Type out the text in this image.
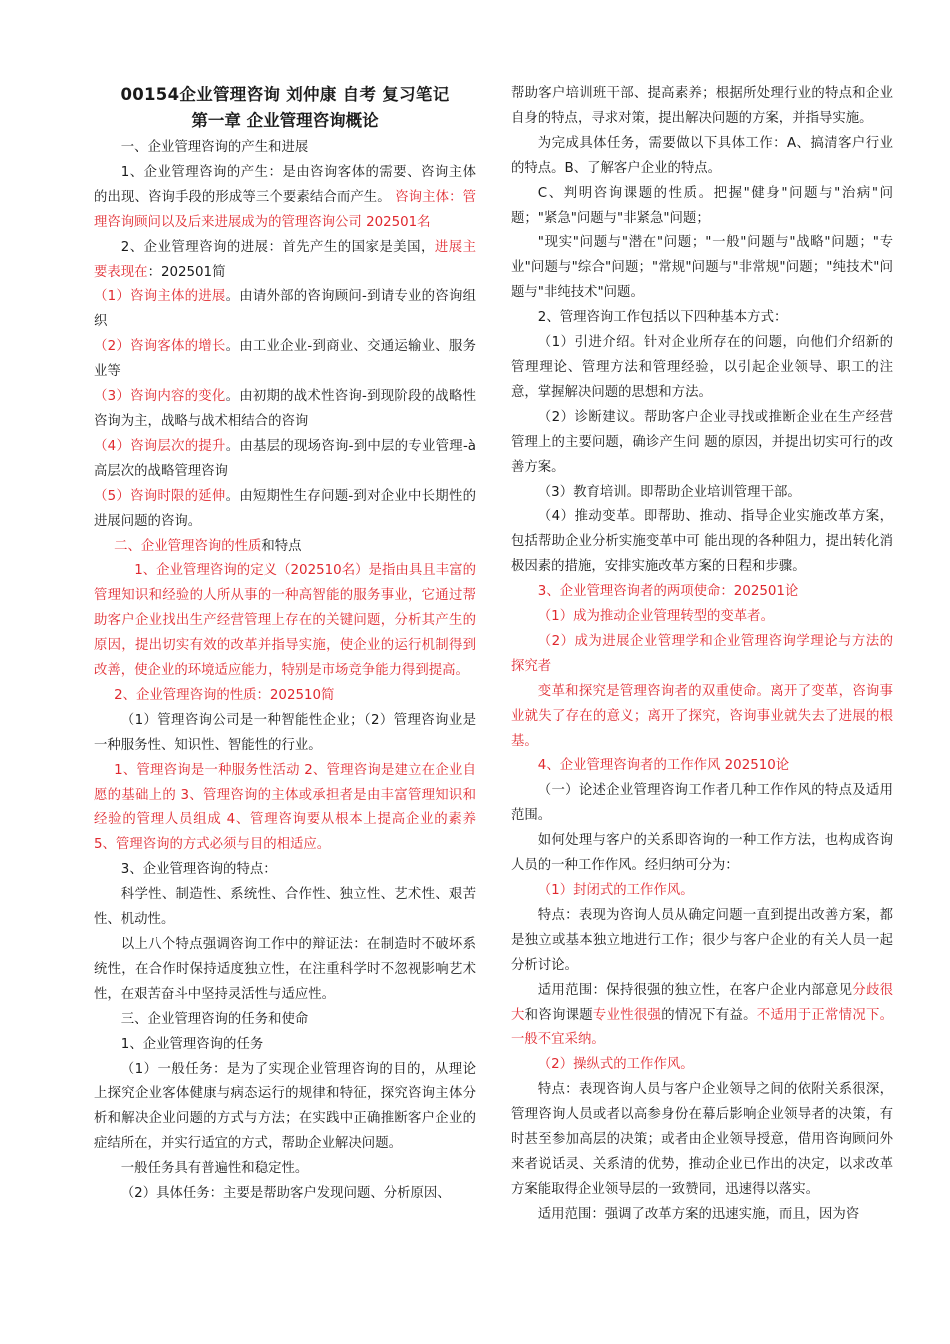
00154企业管理咨询 刘仲康 自考 复习笔记

第一章 企业管理咨询概论

一、企业管理咨询的产生和进展

1、企业管理咨询的产生：是由咨询客体的需要、咨询主体的出现、咨询手段的形成等三个要素结合而产生。 咨询主体：管理咨询顾问以及后来进展成为的管理咨询公司 202501名

2、企业管理咨询的进展：首先产生的国家是美国，进展主要表现在：202501简

（1）咨询主体的进展。由请外部的咨询顾问-到请专业的咨询组织

（2）咨询客体的增长。由工业企业-到商业、交通运输业、服务业等

（3）咨询内容的变化。由初期的战术性咨询-到现阶段的战略性咨询为主，战略与战术相结合的咨询

（4）咨询层次的提升。由基层的现场咨询-到中层的专业管理-à高层次的战略管理咨询

（5）咨询时限的延伸。由短期性生存问题-到对企业中长期性的进展问题的咨询。

二、企业管理咨询的性质和特点

1、企业管理咨询的定义（202510名）是指由具且丰富的管理知识和经验的人所从事的一种高智能的服务事业，它通过帮助客户企业找出生产经营管理上存在的关键问题，分析其产生的原因，提出切实有效的改革并指导实施，使企业的运行机制得到改善，使企业的环境适应能力，特别是市场竞争能力得到提高。

2、企业管理咨询的性质：202510简

（1）管理咨询公司是一种智能性企业；（2）管理咨询业是一种服务性、知识性、智能性的行业。

1、管理咨询是一种服务性活动 2、管理咨询是建立在企业自愿的基础上的 3、管理咨询的主体或承担者是由丰富管理知识和经验的管理人员组成 4、管理咨询要从根本上提高企业的素养 5、管理咨询的方式必须与目的相适应。

3、企业管理咨询的特点：

科学性、制造性、系统性、合作性、独立性、艺术性、艰苦性、机动性。

以上八个特点强调咨询工作中的辩证法：在制造时不破坏系统性，在合作时保持适度独立性，在注重科学时不忽视影响艺术性，在艰苦奋斗中坚持灵活性与适应性。

三、企业管理咨询的任务和使命

1、企业管理咨询的任务

（1）一般任务：是为了实现企业管理咨询的目的，从理论上探究企业客体健康与病态运行的规律和特征，探究咨询主体分析和解决企业问题的方式与方法；在实践中正确推断客户企业的症结所在，并实行适宜的方式，帮助企业解决问题。

一般任务具有普遍性和稳定性。

（2）具体任务：主要是帮助客户发现问题、分析原因、

帮助客户培训班干部、提高素养；根据所处理行业的特点和企业自身的特点，寻求对策，提出解决问题的方案，并指导实施。

为完成具体任务，需要做以下具体工作：A、搞清客户行业的特点。B、了解客户企业的特点。

C、判明咨询课题的性质。把握"健身"问题与"治病"问题；"紧急"问题与"非紧急"问题；

"现实"问题与"潜在"问题；"一般"问题与"战略"问题；"专业"问题与"综合"问题；"常规"问题与"非常规"问题；"纯技术"问题与"非纯技术"问题。

2、管理咨询工作包括以下四种基本方式：

（1）引进介绍。针对企业所存在的问题，向他们介绍新的管理理论、管理方法和管理经验，以引起企业领导、职工的注意，掌握解决问题的思想和方法。

（2）诊断建议。帮助客户企业寻找或推断企业在生产经营管理上的主要问题，确诊产生问 题的原因，并提出切实可行的改善方案。

（3）教育培训。即帮助企业培训管理干部。

（4）推动变革。即帮助、推动、指导企业实施改革方案，包括帮助企业分析实施变革中可 能出现的各种阻力，提出转化消极因素的措施，安排实施改革方案的日程和步骤。

3、企业管理咨询者的两项使命：202501论

（1）成为推动企业管理转型的变革者。

（2）成为进展企业管理学和企业管理咨询学理论与方法的探究者

变革和探究是管理咨询者的双重使命。离开了变革，咨询事业就失了存在的意义；离开了探究，咨询事业就失去了进展的根基。

4、企业管理咨询者的工作作风 202510论

（一）论述企业管理咨询工作者几种工作作风的特点及适用范围。

如何处理与客户的关系即咨询的一种工作方法，也构成咨询人员的一种工作作风。经归纳可分为：

（1）封闭式的工作作风。

特点：表现为咨询人员从确定问题一直到提出改善方案，都是独立或基本独立地进行工作；很少与客户企业的有关人员一起分析讨论。

适用范围：保持很强的独立性，在客户企业内部意见分歧很大和咨询课题专业性很强的情况下有益。不适用于正常情况下。一般不宜采纳。

（2）操纵式的工作作风。

特点：表现咨询人员与客户企业领导之间的依附关系很深，管理咨询人员或者以高参身份在幕后影响企业领导者的决策，有时甚至参加高层的决策；或者由企业领导授意，借用咨询顾问外来者说话灵、关系清的优势，推动企业已作出的决定，以求改革方案能取得企业领导层的一致赞同，迅速得以落实。

适用范围：强调了改革方案的迅速实施，而且，因为咨
